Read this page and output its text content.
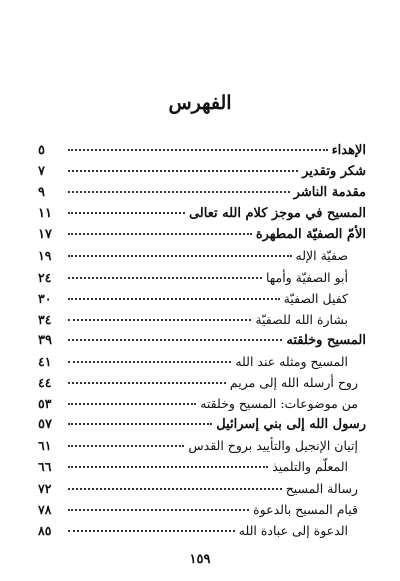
الفهرس
الإهداء
٥
شكر وتقدير
٧
مقدمة الناشر
٩
المسيح في موجز كلام الله تعالى
١١
الأمّ الصفيّة المطهرة
١٧
صفيّة الإله
١٩
أبو الصفيّة وأمها
٢٤
كفيل الصفيّة
٣٠
بشارة الله للصفيّة
٣٤
المسيح وخلقته
٣٩
المسيح ومثله عند الله
٤١
روح أرسله الله إلى مريم
٤٤
من موضوعات: المسيح وخلقته
٥٣
رسول الله إلى بني إسرائيل
٥٧
إتيان الإنجيل والتأييد بروح القدس
٦١
المعلّم والتلميذ
٦٦
رسالة المسيح
٧٢
قيام المسيح بالدعوة
٧٨
الدعوة إلى عبادة الله
٨٥
١٥٩
